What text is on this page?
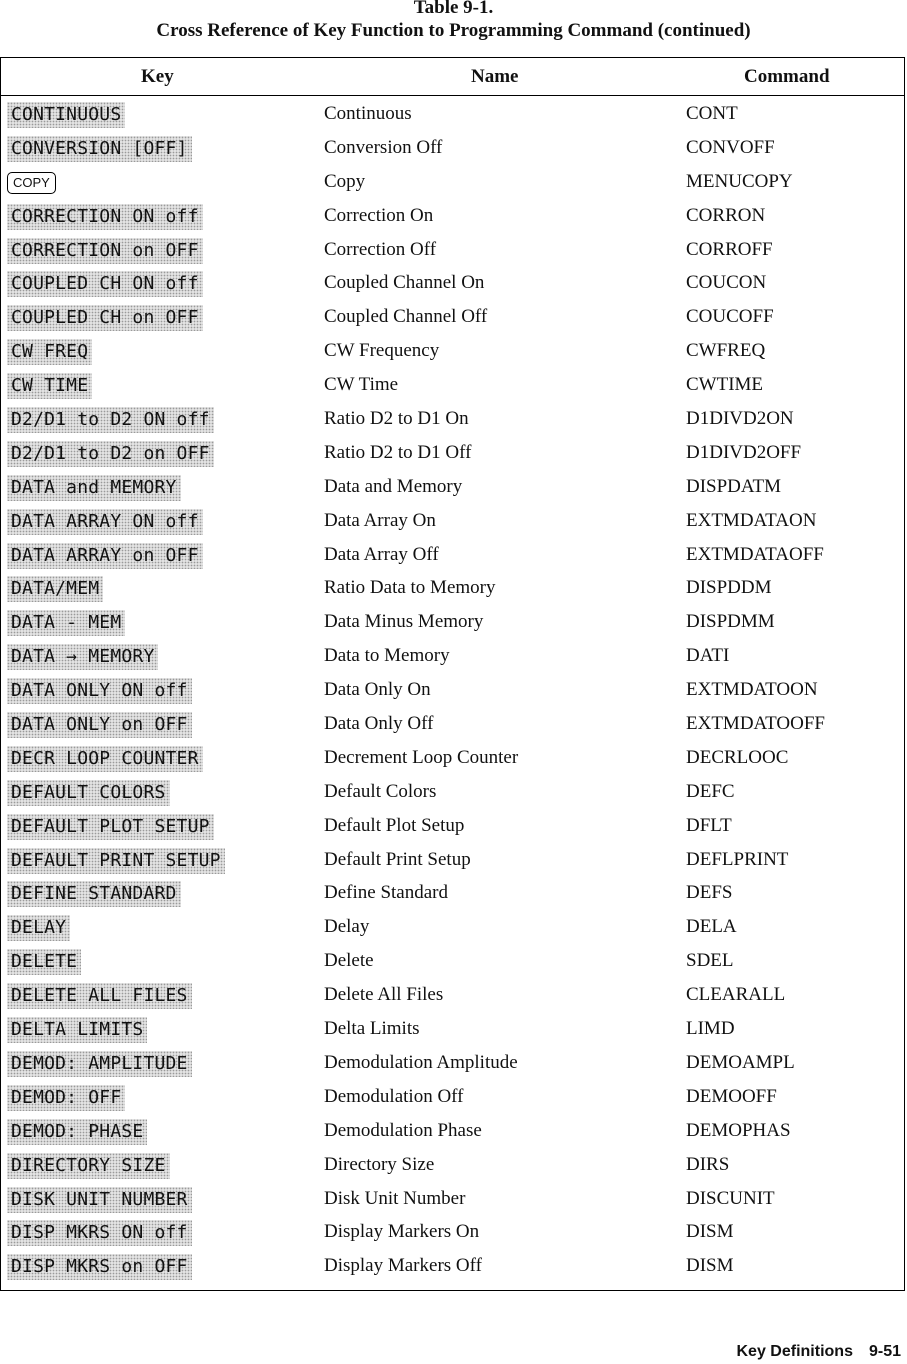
Table 9-1.
Cross Reference of Key Function to Programming Command (continued)
Key	Name	Command
CONTINUOUS	Continuous	CONT
CONVERSION [OFF]	Conversion Off	CONVOFF
COPY	Copy	MENUCOPY
CORRECTION ON off	Correction On	CORRON
CORRECTION on OFF	Correction Off	CORROFF
COUPLED CH ON off	Coupled Channel On	COUCON
COUPLED CH on OFF	Coupled Channel Off	COUCOFF
CW FREQ	CW Frequency	CWFREQ
CW TIME	CW Time	CWTIME
D2/D1 to D2 ON off	Ratio D2 to D1 On	D1DIVD2ON
D2/D1 to D2 on OFF	Ratio D2 to D1 Off	D1DIVD2OFF
DATA and MEMORY	Data and Memory	DISPDATM
DATA ARRAY ON off	Data Array On	EXTMDATAON
DATA ARRAY on OFF	Data Array Off	EXTMDATAOFF
DATA/MEM	Ratio Data to Memory	DISPDDM
DATA - MEM	Data Minus Memory	DISPDMM
DATA → MEMORY	Data to Memory	DATI
DATA ONLY ON off	Data Only On	EXTMDATOON
DATA ONLY on OFF	Data Only Off	EXTMDATOOFF
DECR LOOP COUNTER	Decrement Loop Counter	DECRLOOC
DEFAULT COLORS	Default Colors	DEFC
DEFAULT PLOT SETUP	Default Plot Setup	DFLT
DEFAULT PRINT SETUP	Default Print Setup	DEFLPRINT
DEFINE STANDARD	Define Standard	DEFS
DELAY	Delay	DELA
DELETE	Delete	SDEL
DELETE ALL FILES	Delete All Files	CLEARALL
DELTA LIMITS	Delta Limits	LIMD
DEMOD: AMPLITUDE	Demodulation Amplitude	DEMOAMPL
DEMOD: OFF	Demodulation Off	DEMOOFF
DEMOD: PHASE	Demodulation Phase	DEMOPHAS
DIRECTORY SIZE	Directory Size	DIRS
DISK UNIT NUMBER	Disk Unit Number	DISCUNIT
DISP MKRS ON off	Display Markers On	DISM
DISP MKRS on OFF	Display Markers Off	DISM
Key Definitions 9-51
